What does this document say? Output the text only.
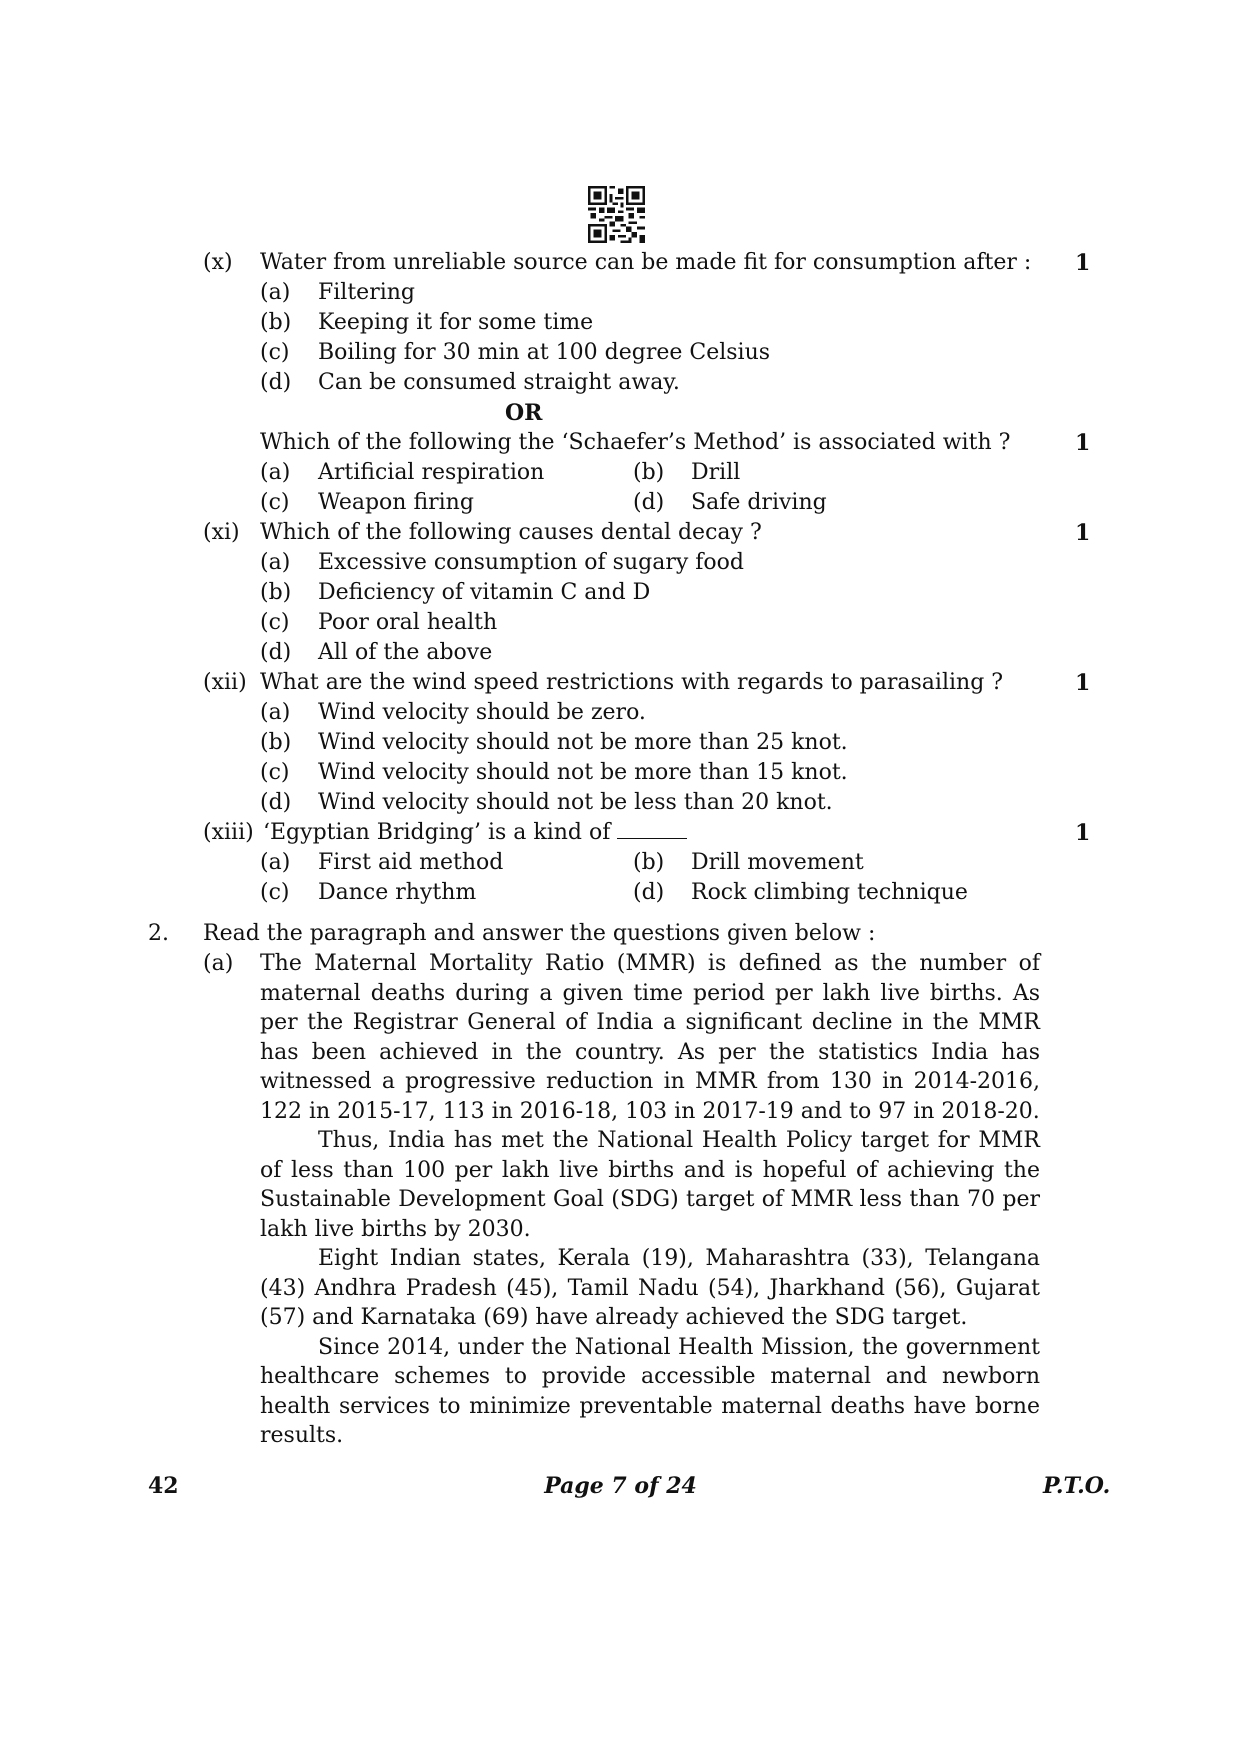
(x) Water from unreliable source can be made fit for consumption after : 1
(a) Filtering
(b) Keeping it for some time
(c) Boiling for 30 min at 100 degree Celsius
(d) Can be consumed straight away.
OR
Which of the following the ‘Schaefer’s Method’ is associated with ?	1
(a) Artificial respiration	(b) Drill
(c) Weapon firing	(d) Safe driving
(xi) Which of the following causes dental decay ?	1
(a) Excessive consumption of sugary food
(b) Deficiency of vitamin C and D
(c) Poor oral health
(d) All of the above
(xii) What are the wind speed restrictions with regards to parasailing ?	1
(a) Wind velocity should be zero.
(b) Wind velocity should not be more than 25 knot.
(c) Wind velocity should not be more than 15 knot.
(d) Wind velocity should not be less than 20 knot.
(xiii) ‘Egyptian Bridging’ is a kind of	1
(a) First aid method	(b) Drill movement
(c) Dance rhythm	(d) Rock climbing technique
2. Read the paragraph and answer the questions given below :
(a) The Maternal Mortality Ratio (MMR) is defined as the number of maternal deaths during a given time period per lakh live births. As per the Registrar General of India a significant decline in the MMR has been achieved in the country. As per the statistics India has witnessed a progressive reduction in MMR from 130 in 2014-2016, 122 in 2015-17, 113 in 2016-18, 103 in 2017-19 and to 97 in 2018-20.

Thus, India has met the National Health Policy target for MMR of less than 100 per lakh live births and is hopeful of achieving the Sustainable Development Goal (SDG) target of MMR less than 70 per lakh live births by 2030.

Eight Indian states, Kerala (19), Maharashtra (33), Telangana (43) Andhra Pradesh (45), Tamil Nadu (54), Jharkhand (56), Gujarat (57) and Karnataka (69) have already achieved the SDG target.

Since 2014, under the National Health Mission, the government healthcare schemes to provide accessible maternal and newborn health services to minimize preventable maternal deaths have borne results.

42	Page 7 of 24	P.T.O.
